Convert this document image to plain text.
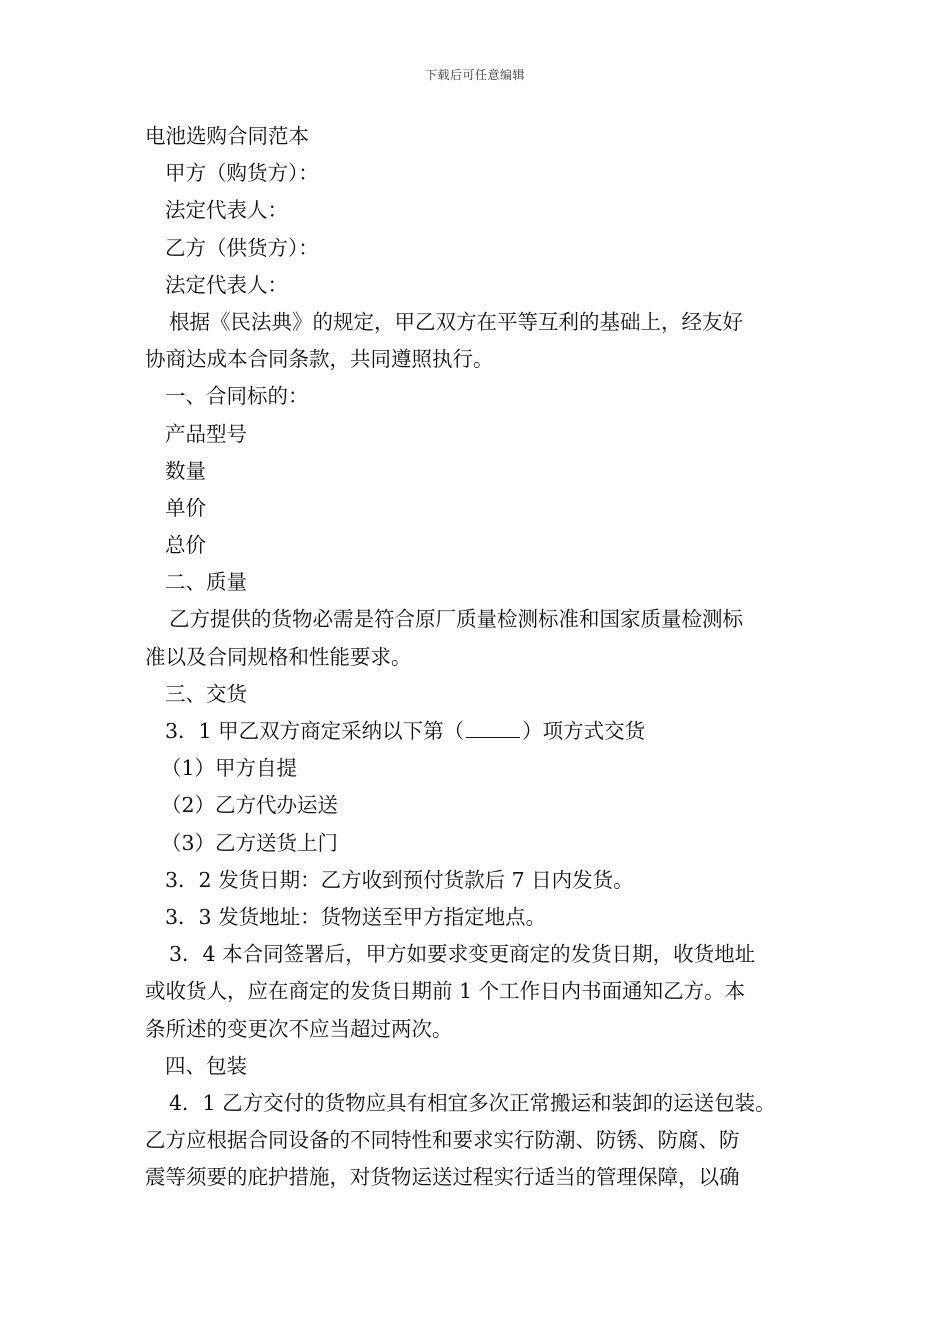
下载后可任意编辑
电池选购合同范本
甲方（购货方）：
法定代表人：
乙方（供货方）：
法定代表人：
根据《民法典》的规定，甲乙双方在平等互利的基础上，经友好
协商达成本合同条款，共同遵照执行。
一、合同标的：
产品型号
数量
单价
总价
二、质量
乙方提供的货物必需是符合原厂质量检测标准和国家质量检测标
准以及合同规格和性能要求。
三、交货
3．1 甲乙双方商定采纳以下第（	）项方式交货
（1）甲方自提
（2）乙方代办运送
（3）乙方送货上门
3．2 发货日期：乙方收到预付货款后 7 日内发货。
3．3 发货地址：货物送至甲方指定地点。
3．4 本合同签署后，甲方如要求变更商定的发货日期，收货地址
或收货人，应在商定的发货日期前 1 个工作日内书面通知乙方。本
条所述的变更次不应当超过两次。
四、包装
4．1 乙方交付的货物应具有相宜多次正常搬运和装卸的运送包装。
乙方应根据合同设备的不同特性和要求实行防潮、防锈、防腐、防
震等须要的庇护措施，对货物运送过程实行适当的管理保障，以确
